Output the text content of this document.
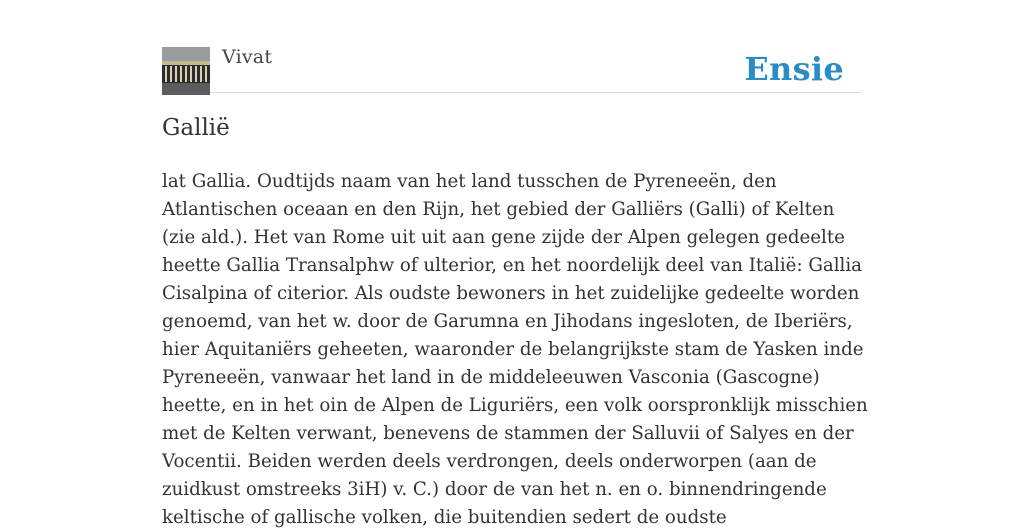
Vivat	Ensie
Gallië

lat Gallia. Oudtijds naam van het land tusschen de Pyreneeën, den Atlantischen oceaan en den Rijn, het gebied der Galliërs (Galli) of Kelten (zie ald.). Het van Rome uit uit aan gene zijde der Alpen gelegen gedeelte heette Gallia Transalphw of ulterior, en het noordelijk deel van Italië: Gallia Cisalpina of citerior. Als oudste bewoners in het zuidelijke gedeelte worden genoemd, van het w. door de Garumna en Jihodans ingesloten, de Iberiërs, hier Aquitaniërs geheeten, waaronder de belangrijkste stam de Yasken inde Pyreneeën, vanwaar het land in de middeleeuwen Vasconia (Gascogne) heette, en in het oin de Alpen de Liguriërs, een volk oorspronklijk misschien met de Kelten verwant, benevens de stammen der Salluvii of Salyes en der Vocentii. Beiden werden deels verdrongen, deels onderworpen (aan de zuidkust omstreeks 3iH) v. C.) door de van het n. en o. binnendringende keltische of gallische volken, die buitendien sedert de oudste
